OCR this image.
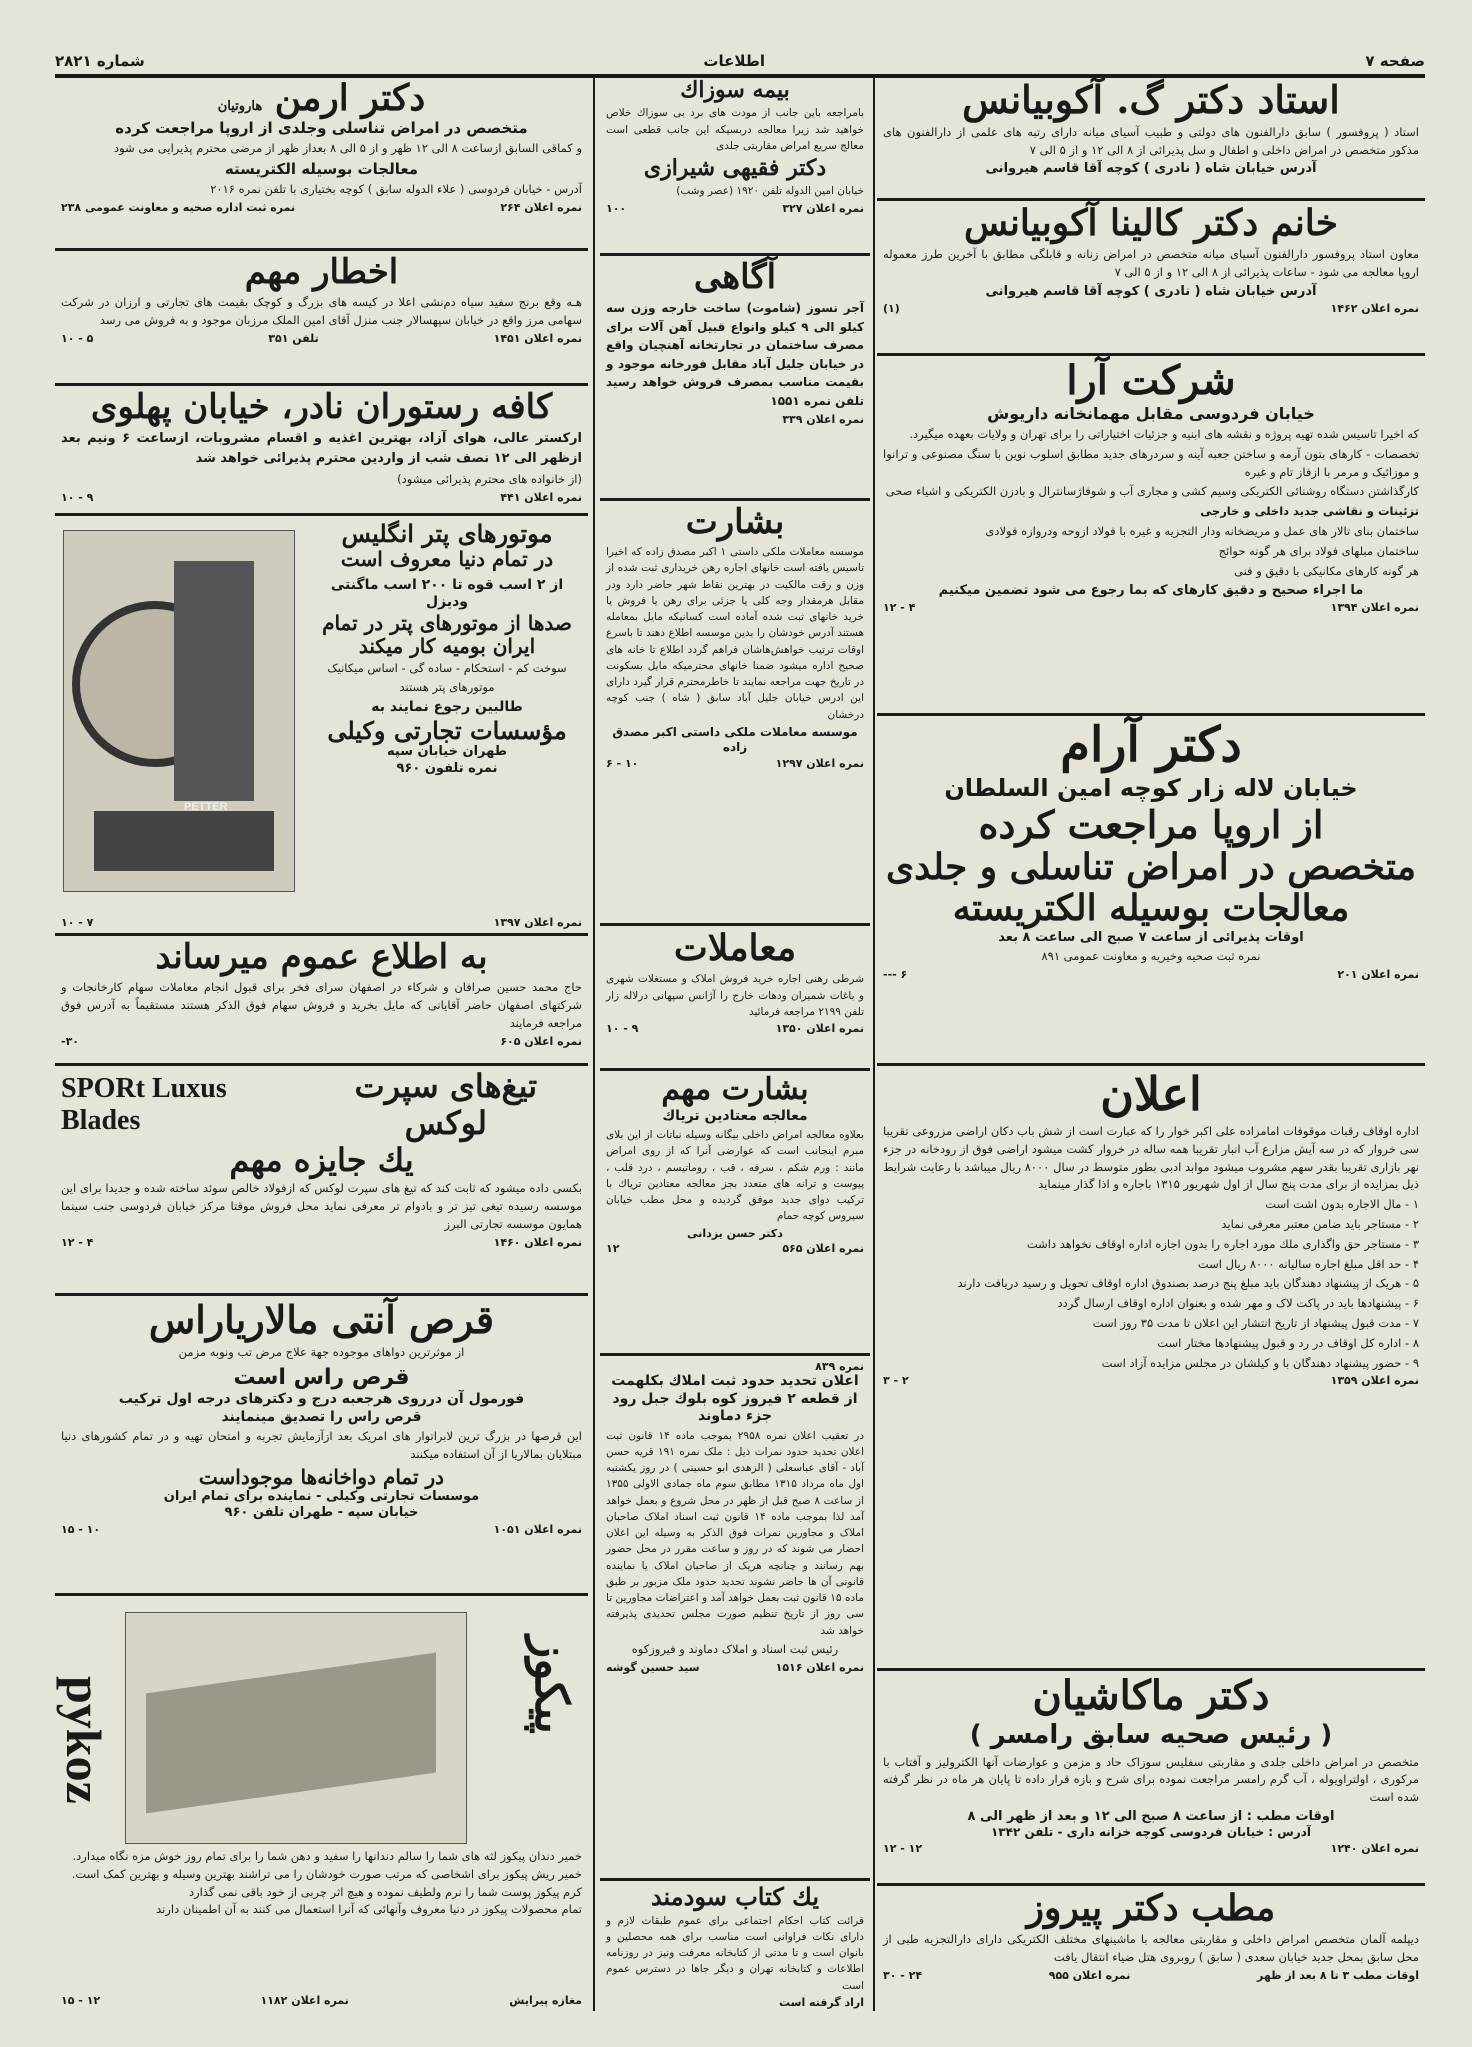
صفحه ۷
اطلاعات
شماره ۲۸۲۱
استاد دکتر گ. آکوبیانس
استاد ( پروفسور ) سابق دارالفنون های دولتی و طبیب آسیای میانه دارای رتبه های علمی از دارالفنون های مذکور متخصص در امراض داخلی و اطفال و سل پذیرائی از ۸ الی ۱۲ و از ۵ الی ۷
آدرس خیابان شاه ( نادری ) کوچه آقا قاسم هیروانی
خانم دکتر کالینا آکوبیانس
معاون استاد پروفسور دارالفنون آسیای میانه متخصص در امراض زنانه و قابلگی مطابق با آخرین طرز معموله اروپا معالجه می شود - ساعات پذیرائی از ۸ الی ۱۲ و از ۵ الی ۷
آدرس خیابان شاه ( نادری ) کوچه آقا قاسم هیروانی
نمره اعلان ۱۴۶۲
(۱)
شرکت آرا
خیابان فردوسی مقابل مهمانخانه داریوش
که اخیرا تاسیس شده تهیه پروژه و نقشه های ابنیه و جزئیات اختیاراتی را برای تهران و ولایات بعهده میگیرد.
تخصصات - کارهای بتون آرمه و ساختن جعبه آینه و سردرهای جدید مطابق اسلوب نوین با سنگ مصنوعی و ترانوا و موزائیک و مرمر با ازفاز تام و غیره
کارگذاشتن دستگاه روشنائی الکتریکی وسیم کشی و مجاری آب و شوفاژسانترال و بادزن الکتریکی و اشیاء صحی
تزئینات و نقاشی جدید داخلی و خارجی
ساختمان بنای تالار های عمل و مریضخانه ودار التجزیه و غیره با فولاد ازوحه ودروازه فولادی
ساختمان مبلهای فولاد برای هر گونه حوائج
هر گونه کارهای مکانیکی با دقیق و فنی
ما اجراء صحیح و دقیق کارهای که بما رجوع می شود تضمین میکنیم
نمره اعلان ۱۳۹۴
۴ - ۱۲
دکتر آرام
خیابان لاله زار کوچه امین السلطان
از اروپا مراجعت کرده
متخصص در امراض تناسلی و جلدی
معالجات بوسیله الکتریسته
اوقات پذیرائی از ساعت ۷ صبح الی ساعت ۸ بعد
نمره ثبت صحیه وخیریه و معاونت عمومی ۸۹۱
نمره اعلان ۲۰۱
۶ ---
اعلان
اداره اوقاف رقبات موقوفات امامزاده علی اکبر خوار را که عبارت است از شش باب دکان اراضی مزروعی تقریبا سی خروار که در سه آیش مزارع آب انبار تقریبا همه ساله در خروار کشت میشود اراضی فوق از رودخانه در جزء نهر بازاری تقریبا بقدر سهم مشروب میشود موابد ادبی بطور متوسط در سال ۸۰۰۰ ریال میباشد با رعایت شرایط ذیل بمزایده از برای مدت پنج سال از اول شهریور ۱۳۱۵ باجاره و اذا گذار مینماید
۱ - مال الاجاره بدون اشت است
۲ - مستاجر باید ضامن معتبر معرفی نماید
۳ - مستاجر حق واگذاری ملك مورد اجاره را بدون اجازه اداره اوقاف نخواهد داشت
۴ - حد اقل مبلغ اجاره سالیانه ۸۰۰۰ ریال است
۵ - هریک از پیشنهاد دهندگان باید مبلغ پنج درصد بصندوق اداره اوقاف تحویل و رسید دریافت دارند
۶ - پیشنهادها باید در پاکت لاک و مهر شده و بعنوان اداره اوقاف ارسال گردد
۷ - مدت قبول پیشنهاد از تاریخ انتشار این اعلان تا مدت ۳۵ روز است
۸ - اداره کل اوقاف در رد و قبول پیشنهادها مختار است
۹ - حضور پیشنهاد دهندگان با و کیلشان در مجلس مزایده آزاد است
نمره اعلان ۱۳۵۹
۲ - ۳
دکتر ماکاشیان
( رئیس صحیه سابق رامسر )
متخصص در امراض داخلی جلدی و مقاربتی سفلیس سوزاک حاد و مزمن و عوارضات آنها الکترولیز و آفتاب با مرکوری ، اولتراویوله ، آب گرم رامسر مراجعت نموده برای شرح و بازه قرار داده تا پایان هر ماه در نظر گرفته شده است
اوقات مطب : از ساعت ۸ صبح الی ۱۲ و بعد از ظهر الی ۸
آدرس : خیابان فردوسی کوچه خزانه داری - تلفن ۱۳۴۲
نمره اعلان ۱۲۴۰
۱۲ - ۱۲
مطب دکتر پیروز
دیپلمه آلمان متخصص امراض داخلی و مقاربتی معالجه با ماشینهای مختلف الکتریکی دارای دارالتجزیه طبی از محل سابق بمحل جدید خیابان سعدی ( سابق ) روبروی هتل ضیاء انتقال یافت
اوقات مطب ۳ تا ۸ بعد از ظهر
نمره اعلان ۹۵۵
۲۴ - ۳۰
بیمه سوزاك
بامراجعه باین جانب از مودت های برد بی سوزاك خلاص خواهید شد زیرا معالجه دربسیکه این جانب قطعی است معالج سریع امراض مقاربتی جلدی
دکتر فقیهی شیرازی
خیابان امین الدوله تلفن ۱۹۲۰ (عصر وشب)
نمره اعلان ۳۲۷
۱۰۰
آگاهی
آجر نسوز (شاموت) ساخت خارجه وزن سه کیلو الی ۹ کیلو وانواع قبیل آهن آلات برای مصرف ساختمان در تجارتخانه آهنچیان واقع در خیابان جلیل آباد مقابل فورخانه موجود و بقیمت مناسب بمصرف فروش خواهد رسید تلفن نمره ۱۵۵۱
نمره اعلان ۳۳۹
بشارت
موسسه معاملات ملکی داستی ۱ اکبر مصدق زاده که اخیرا تاسیس یافته است خانهای اجاره رهن خریداری ثبت شده از وزن و رقت مالکیت در بهترین نقاط شهر حاضر دارد ودر مقابل هرمقدار وجه کلی یا جزئی برای رهن یا فروش یا خرید خانهای ثبت شده آماده است کسانیکه مایل بمعامله هستند آدرس خودشان را بدین موسسه اطلاع دهند تا باسرع اوقات ترتیب خواهش‌هاشان فراهم گردد اطلاع تا خانه های صحیح اداره میشود ضمنا خانهای محترمیکه مایل بسکونت در تاریخ جهت مراجعه نمایند تا خاطرمحترم قرار گیرد دارای این ادرس خیابان جلیل آباد سابق ( شاه ) جنب کوچه درخشان
موسسه معاملات ملکی داستی اکبر مصدق زاده
نمره اعلان ۱۲۹۷
۱۰ - ۶
معاملات
شرطی رهنی اجاره خرید فروش املاک و مستغلات شهری و باغات شمیران ودهات خارج را آژانس سپهانی درلاله زار تلفن ۲۱۹۹ مراجعه فرمائید
نمره اعلان ۱۳۵۰
۹ - ۱۰
بشارت مهم
معالجه معتادین تریاك
بعلاوه معالجه امراض داخلی بیگانه وسیله نباتات از این بلای مبرم اینجانب است که عوارضی آنرا که از روی امراض مانند : ورم شکم ، سرفه ، قب ، روماتیسم ، درد قلب ، پیوست و ترانه های متعدد بجز معالجه معتادین تریاك با ترکیب دوای جدید موفق گردیده و محل مطب خیابان سیروس کوچه حمام
دکتر حسن یزدانی
نمره اعلان ۵۶۵
۱۲
نمره ۸۳۹
اعلان تحدید حدود ثبت املاك بکلهمت از قطعه ۲ فیروز کوه بلوك جبل رود جزء دماوند
در تعقیب اعلان نمره ۲۹۵۸ بموجب ماده ۱۴ قانون ثبت اعلان تحدید حدود نمرات ذیل : ملک نمره ۱۹۱ قریه حسن آباد - آقای عباسعلی ( الزهدی ابو حسینی ) در روز یکشنبه اول ماه مرداد ۱۳۱۵ مطابق سوم ماه جمادی الاولی ۱۳۵۵ از ساعت ۸ صبح قبل از ظهر در محل شروع و بعمل خواهد آمد لذا بموجب ماده ۱۴ قانون ثبت اسناد املاک صاحبان املاک و مجاورین نمرات فوق الذکر به وسیله این اعلان احضار می شوند که در روز و ساعت مقرر در محل حضور بهم رسانند و چنانچه هریک از صاحبان املاک یا نماینده قانونی آن ها حاضر نشوند تحدید حدود ملک مزبور بر طبق ماده ۱۵ قانون ثبت بعمل خواهد آمد و اعتراضات مجاورین تا سی روز از تاریخ تنظیم صورت مجلس تحدیدی پذیرفته خواهد شد
رئیس ثبت اسناد و املاک دماوند و فیروزکوه
نمره اعلان ۱۵۱۶
سید حسین گوشه
یك کتاب سودمند
قرائت کتاب احکام اجتماعی برای عموم طبقات لازم و دارای نکات فراوانی است مناسب برای همه محصلین و بانوان است و تا مدتی از کتابخانه معرفت ونیز در روزنامه اطلاعات و کتابخانه تهران و دیگر جاها در دسترس عموم است
اراد گرفته است
دکتر ارمن هاروتیان
متخصص در امراض تناسلی وجلدی از اروپا مراجعت کرده
و کماقی السابق ازساعت ۸ الی ۱۲ ظهر و از ۵ الی ۸ بعداز ظهر از مرضی محترم پذیرایی می شود
معالجات بوسیله الکتریسته
آدرس - خیابان فردوسی ( علاء الدوله سابق ) کوچه بختیاری با تلفن نمره ۲۰۱۶
نمره اعلان ۲۶۴
نمره ثبت اداره صحیه و معاونت عمومی ۲۳۸
اخطار مهم
هـه وقع برنج سفید سیاه دم‌نشی اعلا در کیسه های بزرگ و کوچک بقیمت های تجارتی و ارزان در شرکت سهامی مرز واقع در خیابان سپهسالار جنب منزل آقای امین الملک مرزبان موجود و به فروش می رسد
نمره اعلان ۱۴۵۱
تلفن ۳۵۱
۵ - ۱۰
کافه رستوران نادر، خیابان پهلوی
ارکستر عالی، هوای آزاد، بهترین اغذیه و اقسام مشروبات، ازساعت ۶ ونیم بعد ازظهر الی ۱۲ نصف شب از واردین محترم پذیرائی خواهد شد
(از خانواده های محترم پذیرائی میشود)
نمره اعلان ۴۴۱
۹ - ۱۰
موتورهای پتر انگلیس
در تمام دنیا معروف است
از ۲ اسب قوه تا ۲۰۰ اسب ماگنتی ودیزل
صدها از موتورهای پتر در تمام
ایران بومیه کار میکند
سوخت کم - استحکام - ساده گی - اساس میکانیک
موتورهای پتر هستند
طالبین رجوع نمایند به
مؤسسات تجارتی وکیلی
طهران خیابان سپه
نمره تلفون ۹۶۰
PETTER
نمره اعلان ۱۳۹۷
۷ - ۱۰
به اطلاع عموم میرساند
حاج محمد حسین صرافان و شرکاء در اصفهان سرای فخر برای قبول انجام معاملات سهام کارخانجات و شرکتهای اصفهان حاضر آقایانی که مایل بخرید و فروش سهام فوق الذکر هستند مستقیماً به آدرس فوق مراجعه فرمایند
نمره اعلان ۶۰۵
۳۰-
تیغ‌های سپرت لوکس
SPORt Luxus Blades
یك جایزه مهم
بکسی داده میشود که ثابت کند که تیغ های سپرت لوکس که ازفولاد خالص سوئد ساخته شده و جدیدا برای این موسسه رسیده تیغی تیز تر و بادوام تر معرفی نماید محل فروش موقتا مرکز خیابان فردوسی جنب سینما همایون موسسه تجارتی البرز
نمره اعلان ۱۴۶۰
۴ - ۱۲
قرص آنتی مالاریاراس
از موثرترین دواهای موجوده جهة علاج مرض تب ونوبه‌ مزمن
قرص راس است
فورمول آن درروی هرجعبه درج و دکترهای درجه اول ترکیب
قرص راس را تصدیق مینمایند
این قرصها در بزرگ ترین لابراتوار های امریک بعد ازآزمایش تجربه و امتحان تهیه و در تمام کشورهای دنیا مبتلایان بمالاریا از آن استفاده میکنند
در تمام دواخانه‌ها موجوداست
موسسات تجارتی وکیلی - نماینده برای تمام ایران
خیابان سپه - طهران تلفن ۹۶۰
نمره اعلان ۱۰۵۱
۱۰ - ۱۵
pykoz	پیکوز
خمیر دندان پیکوز لثه های شما را سالم دندانها را سفید و دهن شما را برای تمام روز خوش مزه نگاه میدارد.
خمیر ریش پیکوز برای اشخاصی که مرتب صورت خودشان را می تراشند بهترین وسیله و بهترین کمک است.
کرم پیکوز پوست شما را نرم ولطیف نموده و هیچ اثر چربی از خود باقی نمی گذارد
تمام محصولات پیکوز در دنیا معروف وآنهائی که آنرا استعمال می کنند به آن اطمینان دارند
مغازه پیرایش
نمره اعلان ۱۱۸۲
۱۲ - ۱۵
